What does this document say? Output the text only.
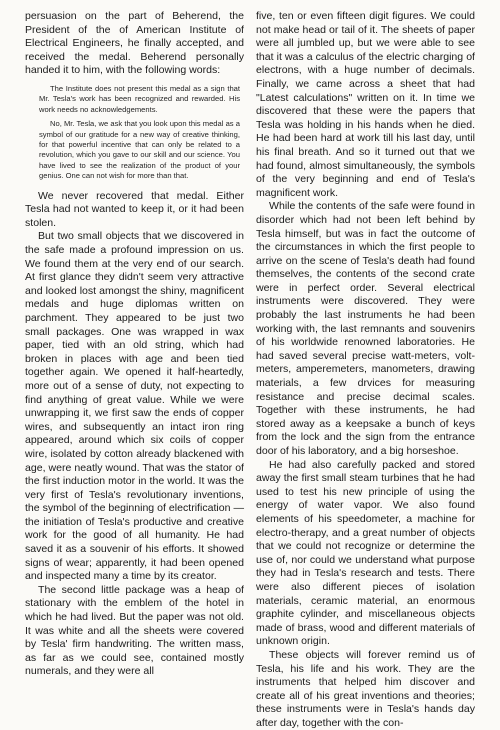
persuasion on the part of Beherend, the President of the of American Institute of Electrical Engineers, he finally accepted, and received the medal. Beherend personally handed it to him, with the following words:

The Institute does not present this medal as a sign that Mr. Tesla's work has been recognized and rewarded. His work needs no acknowledgements.

No, Mr. Tesla, we ask that you look upon this medal as a symbol of our gratitude for a new way of creative thinking, for that powerful incentive that can only be related to a revolution, which you gave to our skill and our science. You have lived to see the realization of the product of your genius. One can not wish for more than that.

We never recovered that medal. Either Tesla had not wanted to keep it, or it had been stolen.

But two small objects that we discovered in the safe made a profound impression on us. We found them at the very end of our search. At first glance they didn't seem very attractive and looked lost amongst the shiny, magnificent medals and huge diplomas written on parchment. They appeared to be just two small packages. One was wrapped in wax paper, tied with an old string, which had broken in places with age and been tied together again. We opened it half-heartedly, more out of a sense of duty, not expecting to find anything of great value. While we were unwrapping it, we first saw the ends of copper wires, and subsequently an intact iron ring appeared, around which six coils of copper wire, isolated by cotton already blackened with age, were neatly wound. That was the stator of the first induction motor in the world. It was the very first of Tesla's revolutionary inventions, the symbol of the beginning of electrification — the initiation of Tesla's productive and creative work for the good of all humanity. He had saved it as a souvenir of his efforts. It showed signs of wear; apparently, it had been opened and inspected many a time by its creator.

The second little package was a heap of stationary with the emblem of the hotel in which he had lived. But the paper was not old. It was white and all the sheets were covered by Tesla' firm handwriting. The written mass, as far as we could see, contained mostly numerals, and they were all

five, ten or even fifteen digit figures. We could not make head or tail of it. The sheets of paper were all jumbled up, but we were able to see that it was a calculus of the electric charging of electrons, with a huge number of decimals. Finally, we came across a sheet that had "Latest calculations" written on it. In time we discovered that these were the papers that Tesla was holding in his hands when he died. He had been hard at work till his last day, until his final breath. And so it turned out that we had found, almost simultaneously, the symbols of the very beginning and end of Tesla's magnificent work.

While the contents of the safe were found in disorder which had not been left behind by Tesla himself, but was in fact the outcome of the circumstances in which the first people to arrive on the scene of Tesla's death had found themselves, the contents of the second crate were in perfect order. Several electrical instruments were discovered. They were probably the last instruments he had been working with, the last remnants and souvenirs of his worldwide renowned laboratories. He had saved several precise watt-meters, volt-meters, amperemeters, manometers, drawing materials, a few drvices for measuring resistance and precise decimal scales. Together with these instruments, he had stored away as a keepsake a bunch of keys from the lock and the sign from the entrance door of his laboratory, and a big horseshoe.

He had also carefully packed and stored away the first small steam turbines that he had used to test his new principle of using the energy of water vapor. We also found elements of his speedometer, a machine for electro-therapy, and a great number of objects that we could not recognize or determine the use of, nor could we understand what purpose they had in Tesla's research and tests. There were also different pieces of isolation materials, ceramic material, an enormous graphite cylinder, and miscellaneous objects made of brass, wood and different materials of unknown origin.

These objects will forever remind us of Tesla, his life and his work. They are the instruments that helped him discover and create all of his great inventions and theories; these instruments were in Tesla's hands day after day, together with the con-
